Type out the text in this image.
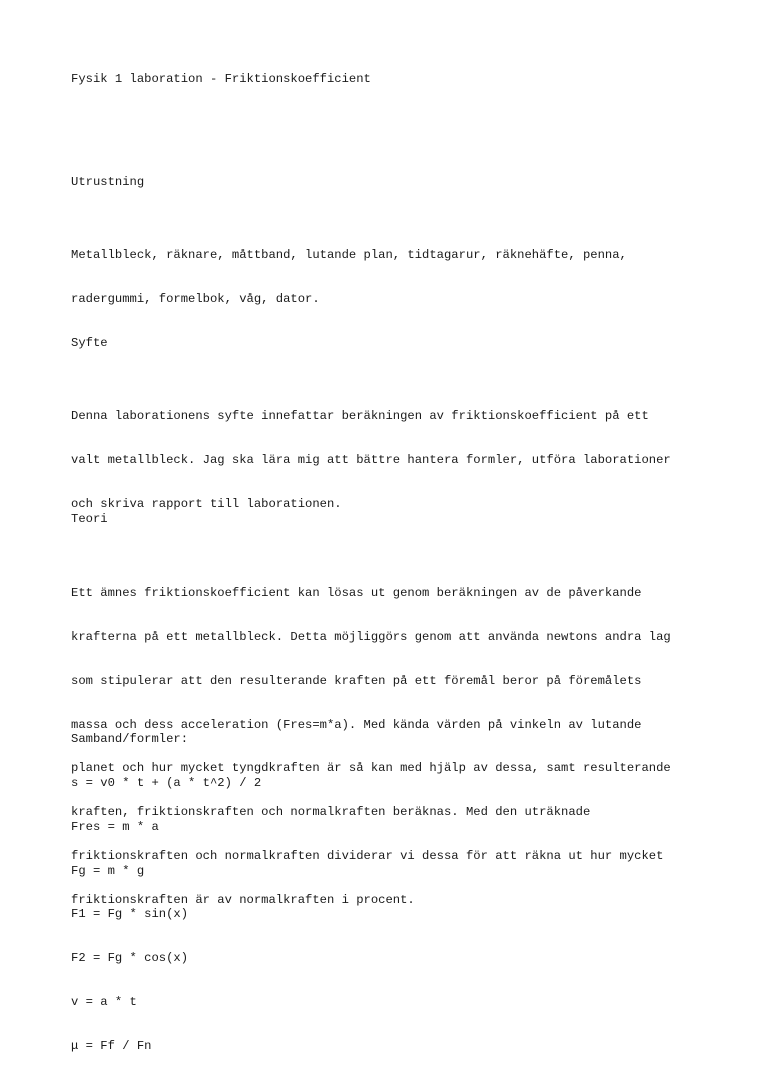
Fysik 1 laboration - Friktionskoefficient

Utrustning

Metallbleck, räknare, måttband, lutande plan, tidtagarur, räknehäfte, penna,

radergummi, formelbok, våg, dator.

Syfte

Denna laborationens syfte innefattar beräkningen av friktionskoefficient på ett

valt metallbleck. Jag ska lära mig att bättre hantera formler, utföra laborationer

och skriva rapport till laborationen.

Teori

Ett ämnes friktionskoefficient kan lösas ut genom beräkningen av de påverkande

krafterna på ett metallbleck. Detta möjliggörs genom att använda newtons andra lag

som stipulerar att den resulterande kraften på ett föremål beror på föremålets

massa och dess acceleration (Fres=m*a). Med kända värden på vinkeln av lutande

planet och hur mycket tyngdkraften är så kan med hjälp av dessa, samt resulterande

kraften, friktionskraften och normalkraften beräknas. Med den uträknade

friktionskraften och normalkraften dividerar vi dessa för att räkna ut hur mycket

friktionskraften är av normalkraften i procent.

Samband/formler:

s = v0 * t + (a * t^2) / 2

Fres = m * a

Fg = m * g

F1 = Fg * sin(x)

F2 = Fg * cos(x)

v = a * t

μ = Ff / Fn
